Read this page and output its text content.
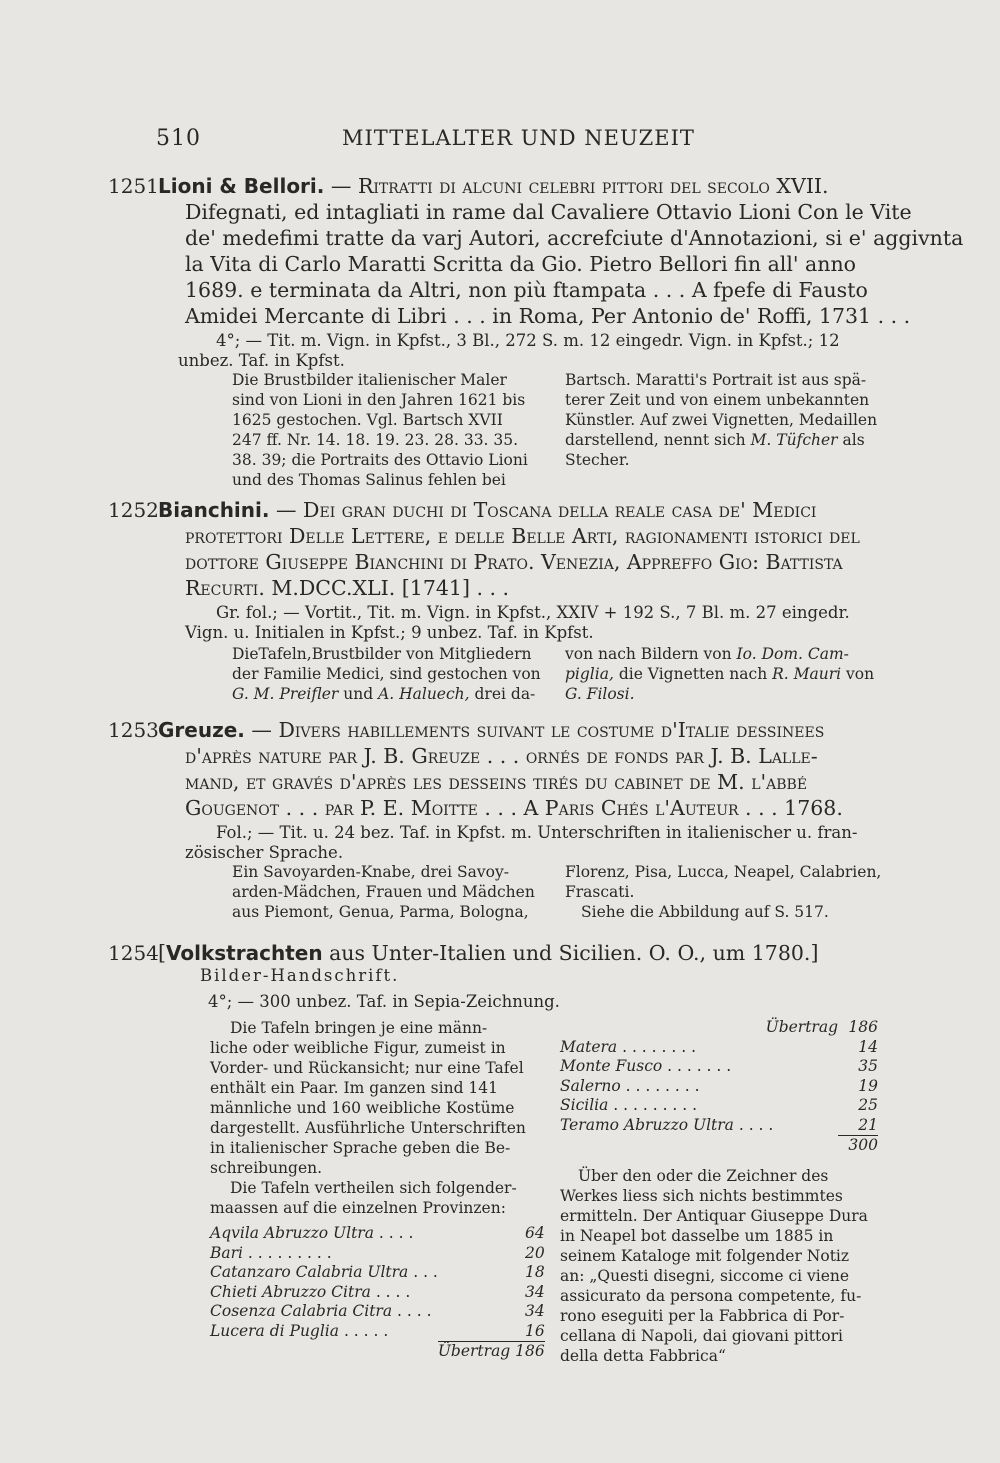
510	MITTELALTER UND NEUZEIT
1251Lioni & Bellori. — Ritratti di alcuni celebri pittori del secolo XVII.
Difegnati, ed intagliati in rame dal Cavaliere Ottavio Lioni Con le Vite
de' medefimi tratte da varj Autori, accrefciute d'Annotazioni, si e' aggivnta
la Vita di Carlo Maratti Scritta da Gio. Pietro Bellori fin all' anno
1689. e terminata da Altri, non più ftampata . . . A fpefe di Fausto
Amidei Mercante di Libri . . . in Roma, Per Antonio de' Roffi, 1731 . . .
4°; — Tit. m. Vign. in Kpfst., 3 Bl., 272 S. m. 12 eingedr. Vign. in Kpfst.; 12
unbez. Taf. in Kpfst.
Die Brustbilder italienischer Maler
sind von Lioni in den Jahren 1621 bis
1625 gestochen. Vgl. Bartsch XVII
247 ff. Nr. 14. 18. 19. 23. 28. 33. 35.
38. 39; die Portraits des Ottavio Lioni
und des Thomas Salinus fehlen bei
Bartsch. Maratti's Portrait ist aus spä-
terer Zeit und von einem unbekannten
Künstler. Auf zwei Vignetten, Medaillen
darstellend, nennt sich M. Tüfcher als
Stecher.
1252Bianchini. — Dei gran duchi di Toscana della reale casa de' Medici
protettori Delle Lettere, e delle Belle Arti, ragionamenti istorici del
dottore Giuseppe Bianchini di Prato. Venezia, Appreffo Gio: Battista
Recurti. M.DCC.XLI. [1741] . . .
Gr. fol.; — Vortit., Tit. m. Vign. in Kpfst., XXIV + 192 S., 7 Bl. m. 27 eingedr.
Vign. u. Initialen in Kpfst.; 9 unbez. Taf. in Kpfst.
DieTafeln,Brustbilder von Mitgliedern
der Familie Medici, sind gestochen von
G. M. Preifler und A. Haluech, drei da-
von nach Bildern von Io. Dom. Cam-
piglia, die Vignetten nach R. Mauri von
G. Filosi.
1253Greuze. — Divers habillements suivant le costume d'Italie dessinees
d'après nature par J. B. Greuze . . . ornés de fonds par J. B. Lalle-
mand, et gravés d'après les desseins tirés du cabinet de M. l'abbé
Gougenot . . . par P. E. Moitte . . . A Paris Chés l'Auteur . . . 1768.
Fol.; — Tit. u. 24 bez. Taf. in Kpfst. m. Unterschriften in italienischer u. fran-
zösischer Sprache.
Ein Savoyarden-Knabe, drei Savoy-
arden-Mädchen, Frauen und Mädchen
aus Piemont, Genua, Parma, Bologna,
Florenz, Pisa, Lucca, Neapel, Calabrien,
Frascati.
Siehe die Abbildung auf S. 517.
1254[Volkstrachten aus Unter-Italien und Sicilien. O. O., um 1780.]
Bilder-Handschrift.
4°; — 300 unbez. Taf. in Sepia-Zeichnung.
Die Tafeln bringen je eine männ-
liche oder weibliche Figur, zumeist in
Vorder- und Rückansicht; nur eine Tafel
enthält ein Paar. Im ganzen sind 141
männliche und 160 weibliche Kostüme
dargestellt. Ausführliche Unterschriften
in italienischer Sprache geben die Be-
schreibungen.
Die Tafeln vertheilen sich folgender-
maassen auf die einzelnen Provinzen:
Aqvila Abruzzo Ultra . . . .	64
Bari . . . . . . . . .	20
Catanzaro Calabria Ultra . . .	18
Chieti Abruzzo Citra . . . .	34
Cosenza Calabria Citra . . . .	34
Lucera di Puglia . . . . .	16
	Übertrag 186
Übertrag	186
Matera . . . . . . . .	14
Monte Fusco . . . . . . .	35
Salerno . . . . . . . .	19
Sicilia . . . . . . . . .	25
Teramo Abruzzo Ultra . . . .	21
	300
Über den oder die Zeichner des
Werkes liess sich nichts bestimmtes
ermitteln. Der Antiquar Giuseppe Dura
in Neapel bot dasselbe um 1885 in
seinem Kataloge mit folgender Notiz
an: „Questi disegni, siccome ci viene
assicurato da persona competente, fu-
rono eseguiti per la Fabbrica di Por-
cellana di Napoli, dai giovani pittori
della detta Fabbrica“
